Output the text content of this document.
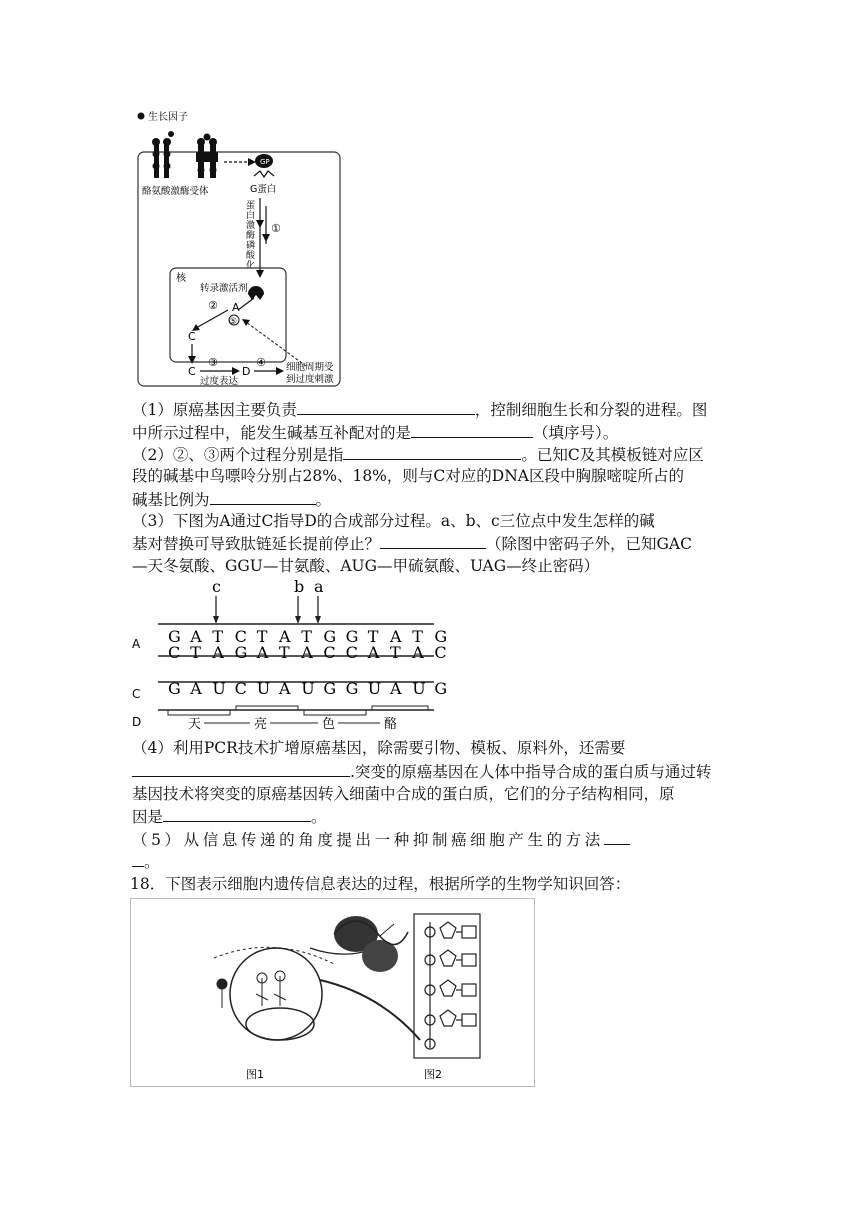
生长因子
酪氨酸激酶受体
GP
G蛋白
蛋
白
激
酶
磷
酸
化
①
核
转录激活剂
A
⑤
②
C
C
③
过度表达
D
④ 细胞周期受
到过度刺激
（1）原癌基因主要负责	，控制细胞生长和分裂的进程。图
中所示过程中，能发生碱基互补配对的是	（填序号）。
（2）②、③两个过程分别是指	。已知C及其模板链对应区
段的碱基中鸟嘌呤分别占28%、18%，则与C对应的DNA区段中胸腺嘧啶所占的
碱基比例为	。
（3）下图为A通过C指导D的合成部分过程。a、b、c三位点中发生怎样的碱
基对替换可导致肽链延长提前停止？	（除图中密码子外，已知GAC
—天冬氨酸、GGU—甘氨酸、AUG—甲硫氨酸、UAG—终止密码）
c	b a
A
C
D
G A T C T A T G G T A T G
C T A G A T A C C A T A C
G A U C U A U G G U A U G
天	亮	色	酪
（4）利用PCR技术扩增原癌基因，除需要引物、模板、原料外，还需要
.突变的原癌基因在人体中指导合成的蛋白质与通过转
基因技术将突变的原癌基因转入细菌中合成的蛋白质，它们的分子结构相同，原
因是	。
（5）从信息传递的角度提出一种抑制癌细胞产生的方法
。
18．下图表示细胞内遗传信息表达的过程，根据所学的生物学知识回答：
图1	图2
